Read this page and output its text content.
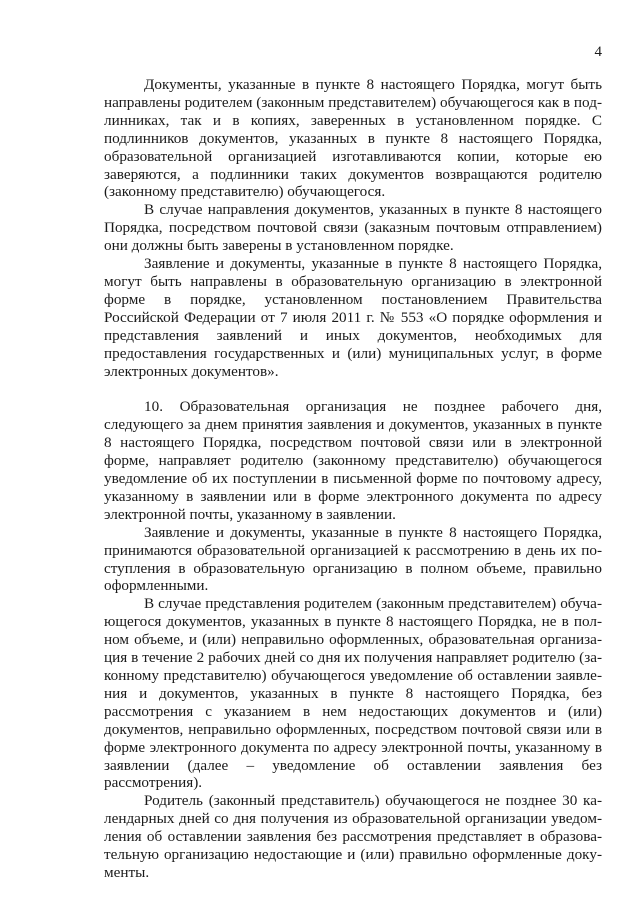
4

Документы, указанные в пункте 8 настоящего Порядка, могут быть направлены родителем (законным представителем) обучающегося как в подлинниках, так и в копиях, заверенных в установленном порядке. С подлинников документов, указанных в пункте 8 настоящего Порядка, образовательной организацией изготавливаются копии, которые ею заверяются, а подлинники таких документов возвращаются родителю (законному представителю) обучающегося.

В случае направления документов, указанных в пункте 8 настоящего Порядка, посредством почтовой связи (заказным почтовым отправлением) они должны быть заверены в установленном порядке.

Заявление и документы, указанные в пункте 8 настоящего Порядка, могут быть направлены в образовательную организацию в электронной форме в порядке, установленном постановлением Правительства Российской Федерации от 7 июля 2011 г. № 553 «О порядке оформления и представления заявлений и иных документов, необходимых для предоставления государственных и (или) муниципальных услуг, в форме электронных документов».

10. Образовательная организация не позднее рабочего дня, следующего за днем принятия заявления и документов, указанных в пункте 8 настоящего Порядка, посредством почтовой связи или в электронной форме, направляет родителю (законному представителю) обучающегося уведомление об их поступлении в письменной форме по почтовому адресу, указанному в заявлении или в форме электронного документа по адресу электронной почты, указанному в заявлении.

Заявление и документы, указанные в пункте 8 настоящего Порядка, принимаются образовательной организацией к рассмотрению в день их поступления в образовательную организацию в полном объеме, правильно оформленными.

В случае представления родителем (законным представителем) обучающегося документов, указанных в пункте 8 настоящего Порядка, не в полном объеме, и (или) неправильно оформленных, образовательная организация в течение 2 рабочих дней со дня их получения направляет родителю (законному представителю) обучающегося уведомление об оставлении заявления и документов, указанных в пункте 8 настоящего Порядка, без рассмотрения с указанием в нем недостающих документов и (или) документов, неправильно оформленных, посредством почтовой связи или в форме электронного документа по адресу электронной почты, указанному в заявлении (далее – уведомление об оставлении заявления без рассмотрения).

Родитель (законный представитель) обучающегося не позднее 30 календарных дней со дня получения из образовательной организации уведомления об оставлении заявления без рассмотрения представляет в образовательную организацию недостающие и (или) правильно оформленные документы.
